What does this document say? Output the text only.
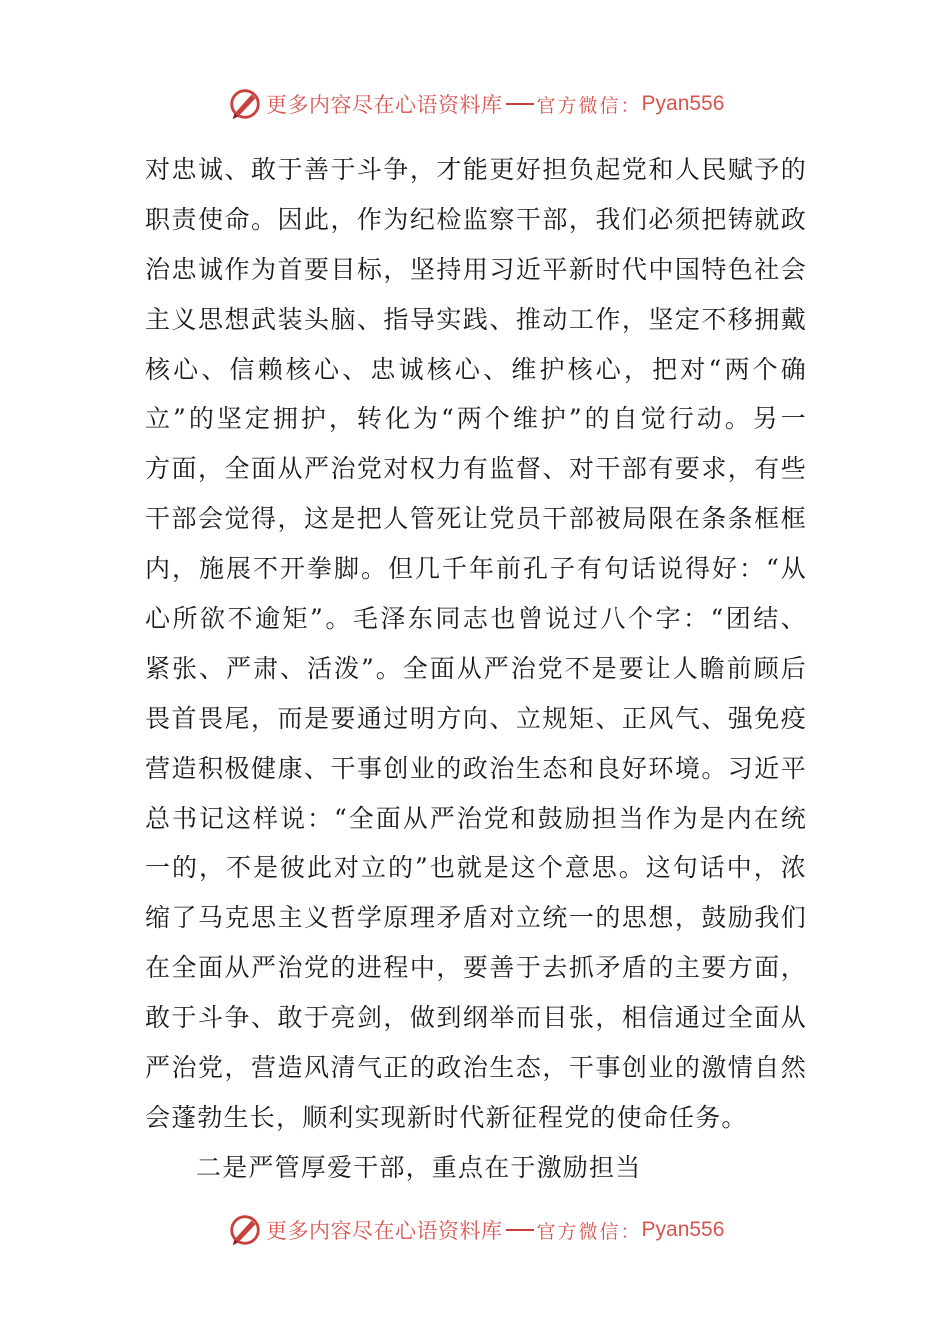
更多内容尽在心语资料库 官方微信： Pyan556
对忠诚、敢于善于斗争，才能更好担负起党和人民赋予的
职责使命。因此，作为纪检监察干部，我们必须把铸就政
治忠诚作为首要目标，坚持用习近平新时代中国特色社会
主义思想武装头脑、指导实践、推动工作，坚定不移拥戴
核心、信赖核心、忠诚核心、维护核心，把对“两个确
立”的坚定拥护，转化为“两个维护”的自觉行动。另一
方面，全面从严治党对权力有监督、对干部有要求，有些
干部会觉得，这是把人管死让党员干部被局限在条条框框
内，施展不开拳脚。但几千年前孔子有句话说得好：“从
心所欲不逾矩”。毛泽东同志也曾说过八个字：“团结、
紧张、严肃、活泼”。全面从严治党不是要让人瞻前顾后
畏首畏尾，而是要通过明方向、立规矩、正风气、强免疫
营造积极健康、干事创业的政治生态和良好环境。习近平
总书记这样说：“全面从严治党和鼓励担当作为是内在统
一的，不是彼此对立的”也就是这个意思。这句话中，浓
缩了马克思主义哲学原理矛盾对立统一的思想，鼓励我们
在全面从严治党的进程中，要善于去抓矛盾的主要方面，
敢于斗争、敢于亮剑，做到纲举而目张，相信通过全面从
严治党，营造风清气正的政治生态，干事创业的激情自然
会蓬勃生长，顺利实现新时代新征程党的使命任务。
二是严管厚爱干部，重点在于激励担当
更多内容尽在心语资料库 官方微信： Pyan556
